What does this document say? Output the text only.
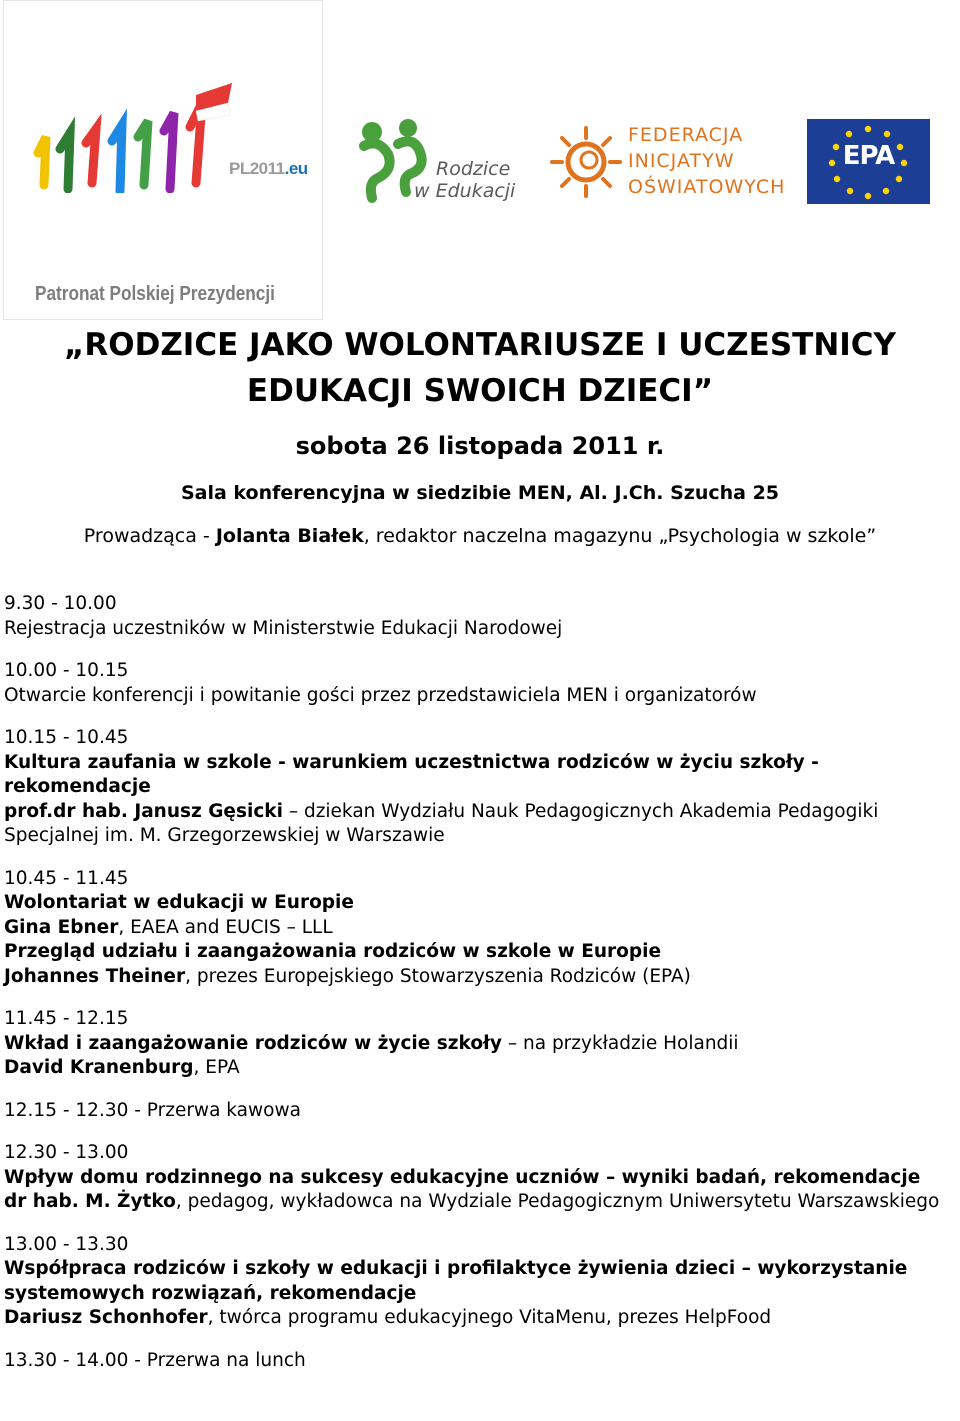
PL2011.eu
Patronat Polskiej Prezydencji
Rodzice
w Edukacji
FEDERACJA
INICJATYW
OŚWIATOWYCH
EPA
„RODZICE JAKO WOLONTARIUSZE I UCZESTNICY
EDUKACJI SWOICH DZIECI”
sobota 26 listopada 2011 r.
Sala konferencyjna w siedzibie MEN, Al. J.Ch. Szucha 25
Prowadząca - Jolanta Białek, redaktor naczelna magazynu „Psychologia w szkole”
9.30 - 10.00
Rejestracja uczestników w Ministerstwie Edukacji Narodowej
10.00 - 10.15
Otwarcie konferencji i powitanie gości przez przedstawiciela MEN i organizatorów
10.15 - 10.45
Kultura zaufania w szkole - warunkiem uczestnictwa rodziców w życiu szkoły - rekomendacje
prof.dr hab. Janusz Gęsicki – dziekan Wydziału Nauk Pedagogicznych Akademia Pedagogiki Specjalnej im. M. Grzegorzewskiej w Warszawie
10.45 - 11.45
Wolontariat w edukacji w Europie
Gina Ebner, EAEA and EUCIS – LLL
Przegląd udziału i zaangażowania rodziców w szkole w Europie
Johannes Theiner, prezes Europejskiego Stowarzyszenia Rodziców (EPA)
11.45 - 12.15
Wkład i zaangażowanie rodziców w życie szkoły – na przykładzie Holandii
David Kranenburg, EPA
12.15 - 12.30 - Przerwa kawowa
12.30 - 13.00
Wpływ domu rodzinnego na sukcesy edukacyjne uczniów – wyniki badań, rekomendacje
dr hab. M. Żytko, pedagog, wykładowca na Wydziale Pedagogicznym Uniwersytetu Warszawskiego
13.00 - 13.30
Współpraca rodziców i szkoły w edukacji i profilaktyce żywienia dzieci – wykorzystanie systemowych rozwiązań, rekomendacje
Dariusz Schonhofer, twórca programu edukacyjnego VitaMenu, prezes HelpFood
13.30 - 14.00 - Przerwa na lunch
